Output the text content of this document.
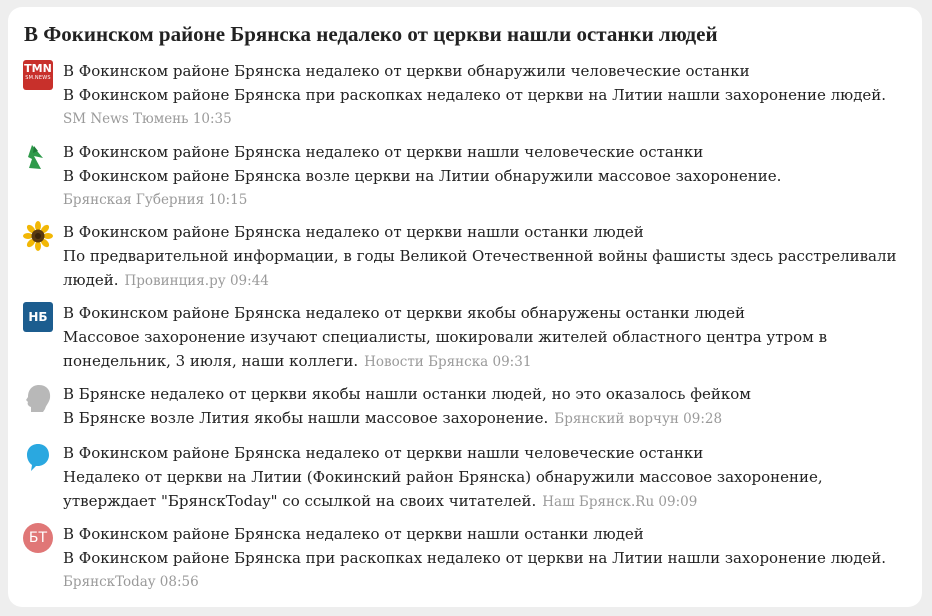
В Фокинском районе Брянска недалеко от церкви нашли останки людей
TMN
SM.NEWS В Фокинском районе Брянска недалеко от церкви обнаружили человеческие останки
В Фокинском районе Брянска при раскопках недалеко от церкви на Литии нашли захоронение людей.
SM News Тюмень 10:35
В Фокинском районе Брянска недалеко от церкви нашли человеческие останки
В Фокинском районе Брянска возле церкви на Литии обнаружили массовое захоронение.
Брянская Губерния 10:15
В Фокинском районе Брянска недалеко от церкви нашли останки людей
По предварительной информации, в годы Великой Отечественной войны фашисты здесь расстреливали людей. Провинция.ру 09:44
НБ	В Фокинском районе Брянска недалеко от церкви якобы обнаружены останки людей
Массовое захоронение изучают специалисты, шокировали жителей областного центра утром в понедельник, 3 июля, наши коллеги. Новости Брянска 09:31
В Брянске недалеко от церкви якобы нашли останки людей, но это оказалось фейком
В Брянске возле Лития якобы нашли массовое захоронение. Брянский ворчун 09:28
В Фокинском районе Брянска недалеко от церкви нашли человеческие останки
Недалеко от церкви на Литии (Фокинский район Брянска) обнаружили массовое захоронение, утверждает "БрянскToday" со ссылкой на своих читателей. Наш Брянск.Ru 09:09
БТ	В Фокинском районе Брянска недалеко от церкви нашли останки людей
В Фокинском районе Брянска при раскопках недалеко от церкви на Литии нашли захоронение людей.
БрянскToday 08:56
